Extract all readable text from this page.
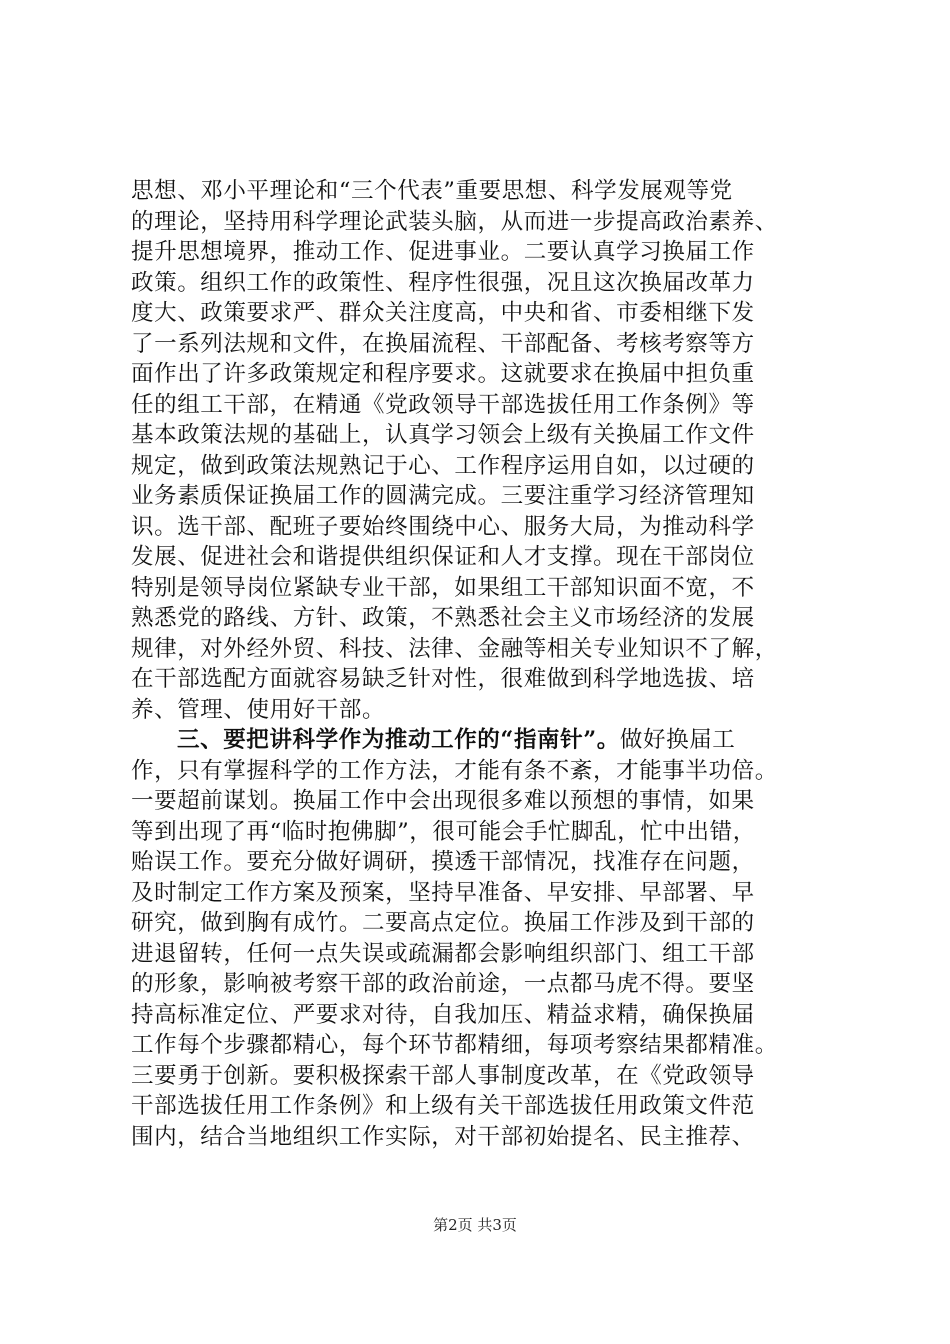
思想、邓小平理论和“三个代表”重要思想、科学发展观等党
的理论，坚持用科学理论武装头脑，从而进一步提高政治素养、
提升思想境界，推动工作、促进事业。二要认真学习换届工作
政策。组织工作的政策性、程序性很强，况且这次换届改革力
度大、政策要求严、群众关注度高，中央和省、市委相继下发
了一系列法规和文件，在换届流程、干部配备、考核考察等方
面作出了许多政策规定和程序要求。这就要求在换届中担负重
任的组工干部，在精通《党政领导干部选拔任用工作条例》等
基本政策法规的基础上，认真学习领会上级有关换届工作文件
规定，做到政策法规熟记于心、工作程序运用自如，以过硬的
业务素质保证换届工作的圆满完成。三要注重学习经济管理知
识。选干部、配班子要始终围绕中心、服务大局，为推动科学
发展、促进社会和谐提供组织保证和人才支撑。现在干部岗位
特别是领导岗位紧缺专业干部，如果组工干部知识面不宽，不
熟悉党的路线、方针、政策，不熟悉社会主义市场经济的发展
规律，对外经外贸、科技、法律、金融等相关专业知识不了解，
在干部选配方面就容易缺乏针对性，很难做到科学地选拔、培
养、管理、使用好干部。
三、要把讲科学作为推动工作的“指南针”。做好换届工
作，只有掌握科学的工作方法，才能有条不紊，才能事半功倍。
一要超前谋划。换届工作中会出现很多难以预想的事情，如果
等到出现了再“临时抱佛脚”，很可能会手忙脚乱，忙中出错，
贻误工作。要充分做好调研，摸透干部情况，找准存在问题，
及时制定工作方案及预案，坚持早准备、早安排、早部署、早
研究，做到胸有成竹。二要高点定位。换届工作涉及到干部的
进退留转，任何一点失误或疏漏都会影响组织部门、组工干部
的形象，影响被考察干部的政治前途，一点都马虎不得。要坚
持高标准定位、严要求对待，自我加压、精益求精，确保换届
工作每个步骤都精心，每个环节都精细，每项考察结果都精准。
三要勇于创新。要积极探索干部人事制度改革，在《党政领导
干部选拔任用工作条例》和上级有关干部选拔任用政策文件范
围内，结合当地组织工作实际，对干部初始提名、民主推荐、
第2页 共3页
